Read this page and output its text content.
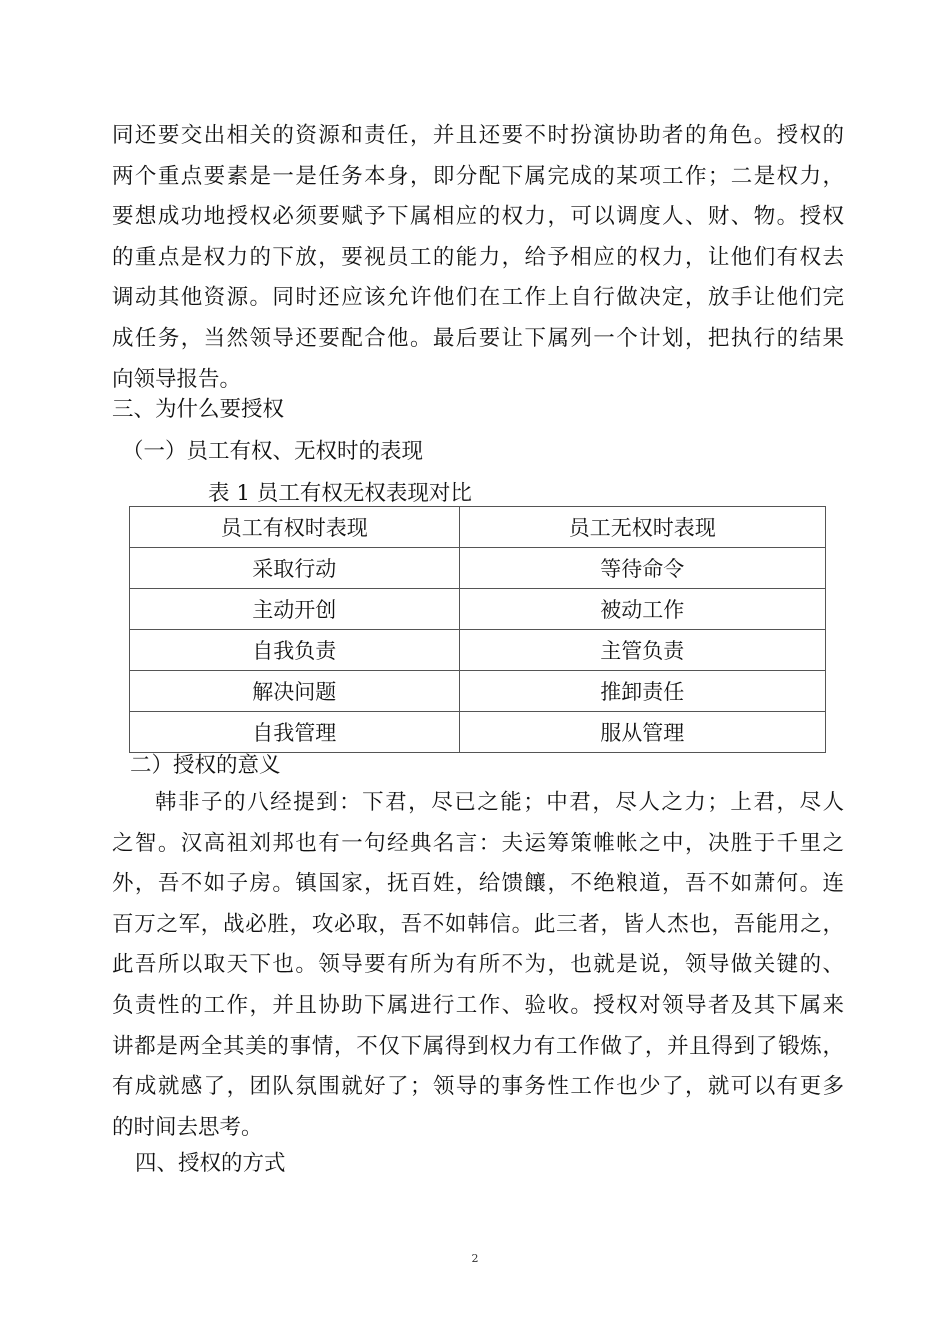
同还要交出相关的资源和责任，并且还要不时扮演协助者的角色。授权的
两个重点要素是一是任务本身，即分配下属完成的某项工作；二是权力，
要想成功地授权必须要赋予下属相应的权力，可以调度人、财、物。授权
的重点是权力的下放，要视员工的能力，给予相应的权力，让他们有权去
调动其他资源。同时还应该允许他们在工作上自行做决定，放手让他们完
成任务，当然领导还要配合他。最后要让下属列一个计划，把执行的结果
向领导报告。
三、为什么要授权
（一）员工有权、无权时的表现
表 1 员工有权无权表现对比
员工有权时表现	员工无权时表现
采取行动	等待命令
主动开创	被动工作
自我负责	主管负责
解决问题	推卸责任
自我管理	服从管理
二）授权的意义
韩非子的八经提到：下君，尽已之能；中君，尽人之力；上君，尽人
之智。汉高祖刘邦也有一句经典名言：夫运筹策帷帐之中，决胜于千里之
外，吾不如子房。镇国家，抚百姓，给馈饟，不绝粮道，吾不如萧何。连
百万之军，战必胜，攻必取，吾不如韩信。此三者，皆人杰也，吾能用之，
此吾所以取天下也。领导要有所为有所不为，也就是说，领导做关键的、
负责性的工作，并且协助下属进行工作、验收。授权对领导者及其下属来
讲都是两全其美的事情，不仅下属得到权力有工作做了，并且得到了锻炼，
有成就感了，团队氛围就好了；领导的事务性工作也少了，就可以有更多
的时间去思考。
四、授权的方式
2
